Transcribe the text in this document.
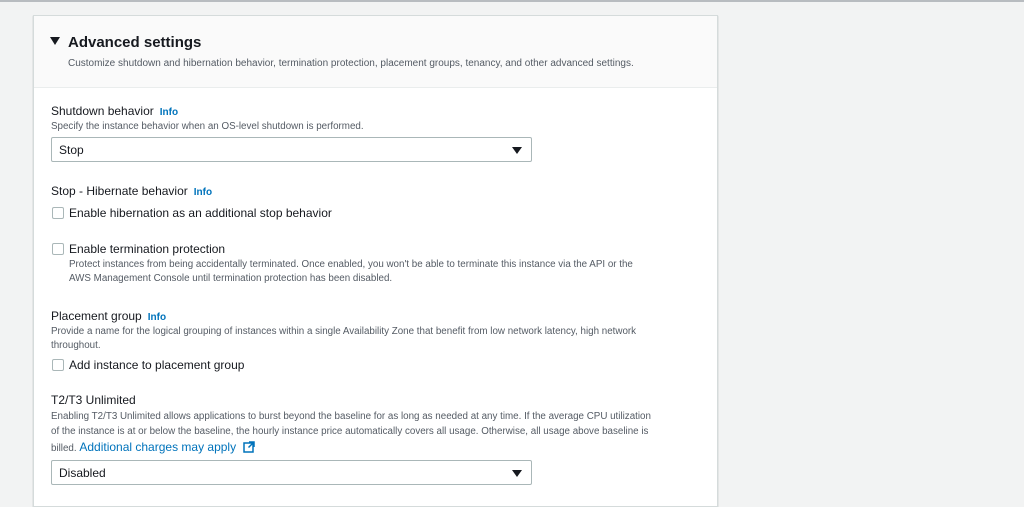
Advanced settings
Customize shutdown and hibernation behavior, termination protection, placement groups, tenancy, and other advanced settings.
Shutdown behavior Info
Specify the instance behavior when an OS-level shutdown is performed.
Stop
Stop - Hibernate behavior Info
Enable hibernation as an additional stop behavior
Enable termination protection
Protect instances from being accidentally terminated. Once enabled, you won't be able to terminate this instance via the API or the
AWS Management Console until termination protection has been disabled.
Placement group Info
Provide a name for the logical grouping of instances within a single Availability Zone that benefit from low network latency, high network
throughout.
Add instance to placement group
T2/T3 Unlimited
Enabling T2/T3 Unlimited allows applications to burst beyond the baseline for as long as needed at any time. If the average CPU utilization
of the instance is at or below the baseline, the hourly instance price automatically covers all usage. Otherwise, all usage above baseline is
billed. Additional charges may apply
Disabled
